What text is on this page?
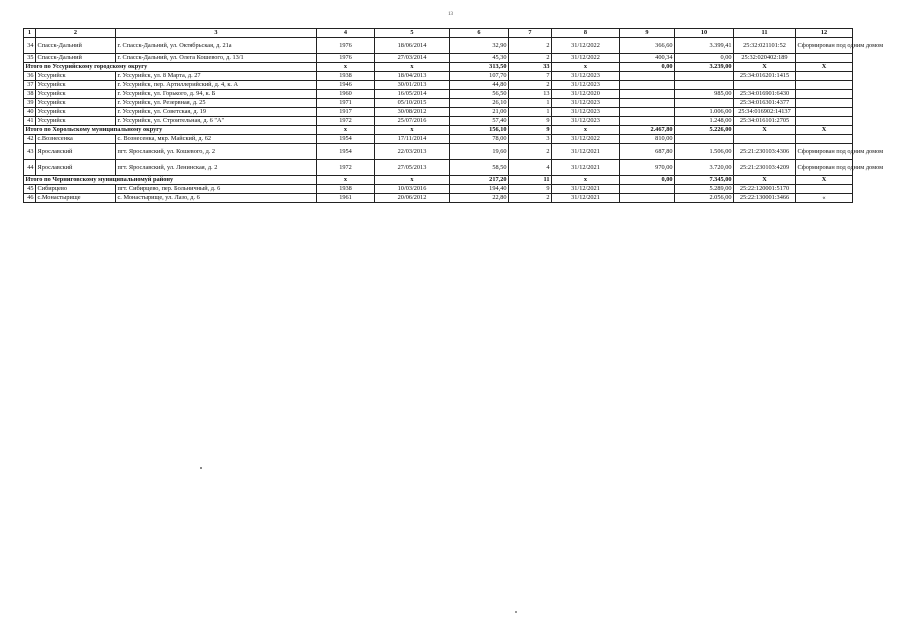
13
1	2	3	4	5	6	7	8	9	10	11	12
34	Спасск-Дальний	г. Спасск-Дальний, ул. Октябрьская, д. 21а	1976	18/06/2014	32,90	2	31/12/2022	366,60	3.399,41	25:32:021101:52	Сформирован под одним домом
35	Спасск-Дальний	г. Спасск-Дальний, ул. Олега Кошевого, д. 13/1	1976	27/03/2014	45,30	2	31/12/2022	400,34	0,00	25:32:020402:189	
Итого по Уссурийскому городскому округу			x	x	313,50	33	x	0,00	3.239,00	X	X
36	Уссурийск	г. Уссурийск, ул. 8 Марта, д. 27	1938	18/04/2013	107,70	7	31/12/2023			25:34:016201:1415	
37	Уссурийск	г. Уссурийск, пер. Артиллерийский, д. 4, к. А	1946	30/01/2013	44,80	2	31/12/2023				
38	Уссурийск	г. Уссурийск, ул. Горького, д. 94, к. Б	1960	16/05/2014	56,50	13	31/12/2020		985,00	25:34:016901:6430	
39	Уссурийск	г. Уссурийск, ул. Резервная, д. 25	1971	05/10/2015	26,10	1	31/12/2023			25:34:016301:4377	
40	Уссурийск	г. Уссурийск, ул. Советская, д. 19	1917	30/08/2012	21,00	1	31/12/2023		1.006,00	25:34:016902:14137	
41	Уссурийск	г. Уссурийск, ул. Строительная, д. 6 "А"	1972	25/07/2016	57,40	9	31/12/2023		1.248,00	25:34:016101:2705	
Итого по Хорольскому муниципальному округу			x	x	156,10	9	x	2.467,80	5.226,00	X	X
42	с.Вознесенка	с. Вознесенка, мкр. Майский, д. 62	1954	17/11/2014	78,00	3	31/12/2022	810,00			
43	Ярославский	пгт. Ярославский, ул. Кошевого, д. 2	1954	22/03/2013	19,60	2	31/12/2021	687,80	1.506,00	25:21:230103:4306	Сформирован под одним домом
44	Ярославский	пгт. Ярославский, ул. Ленинская, д. 2	1972	27/05/2013	58,50	4	31/12/2021	970,00	3.720,00	25:21:230103:4209	Сформирован под одним домом
Итого по Черниговскому муниципальномуй району			x	x	217,20	11	x	0,00	7.345,00	X	X
45	Сибирцево	пгт. Сибирцево, пер. Больничный, д. 6	1938	10/03/2016	194,40	9	31/12/2021		5.289,00	25:22:120001:5170	
46	с.Монастырище	с. Монастырище, ул. Лазо, д. 6	1961	20/06/2012	22,80	2	31/12/2021		2.056,00	25:22:130001:3466	«
